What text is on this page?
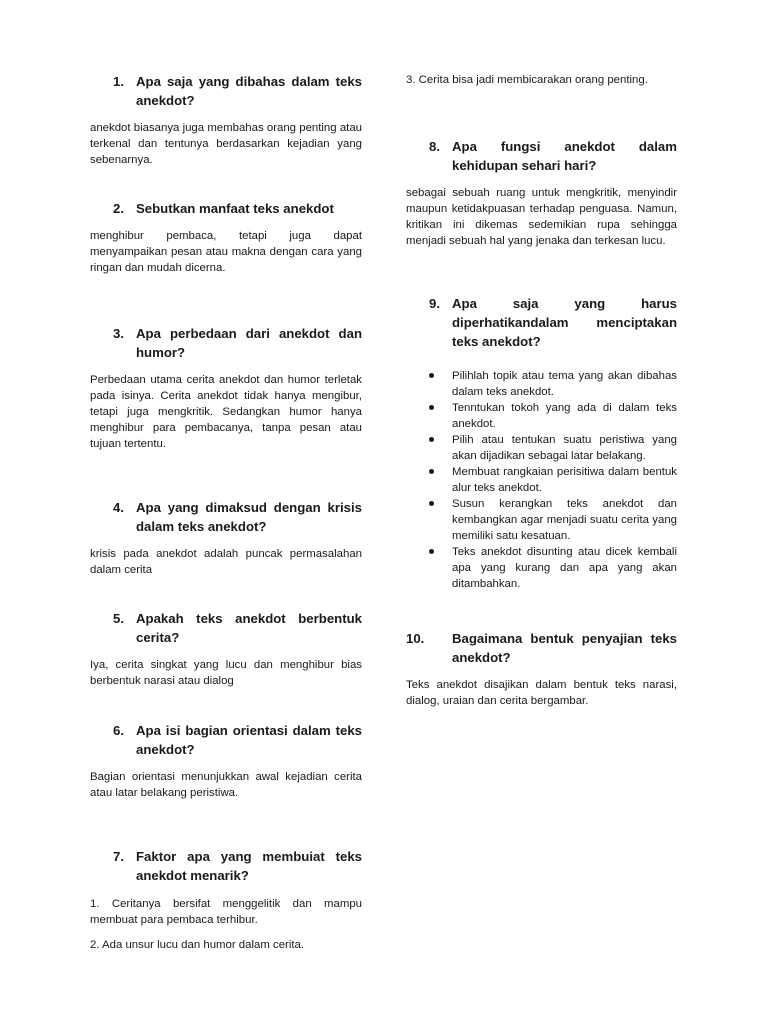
1. Apa saja yang dibahas dalam teks anekdot?

anekdot biasanya juga membahas orang penting atau terkenal dan tentunya berdasarkan kejadian yang sebenarnya.

2. Sebutkan manfaat teks anekdot

menghibur pembaca, tetapi juga dapat menyampaikan pesan atau makna dengan cara yang ringan dan mudah dicerna.

3. Apa perbedaan dari anekdot dan humor?

Perbedaan utama cerita anekdot dan humor terletak pada isinya. Cerita anekdot tidak hanya mengibur, tetapi juga mengkritik. Sedangkan humor hanya menghibur para pembacanya, tanpa pesan atau tujuan tertentu.

4. Apa yang dimaksud dengan krisis dalam teks anekdot?

krisis pada anekdot adalah puncak permasalahan dalam cerita

5. Apakah teks anekdot berbentuk cerita?

Iya, cerita singkat yang lucu dan menghibur bias berbentuk narasi atau dialog

6. Apa isi bagian orientasi dalam teks anekdot?

Bagian orientasi menunjukkan awal kejadian cerita atau latar belakang peristiwa.

7. Faktor apa yang membuiat teks anekdot menarik?

1. Ceritanya bersifat menggelitik dan mampu membuat para pembaca terhibur.

2. Ada unsur lucu dan humor dalam cerita.

3. Cerita bisa jadi membicarakan orang penting.

8. Apa fungsi anekdot dalam kehidupan sehari hari?

sebagai sebuah ruang untuk mengkritik, menyindir maupun ketidakpuasan terhadap penguasa. Namun, kritikan ini dikemas sedemikian rupa sehingga menjadi sebuah hal yang jenaka dan terkesan lucu.

9. Apa saja yang harus diperhatikandalam menciptakan teks anekdot?
Pilihlah topik atau tema yang akan dibahas dalam teks anekdot.
Tenntukan tokoh yang ada di dalam teks anekdot.
Pilih atau tentukan suatu peristiwa yang akan dijadikan sebagai latar belakang.
Membuat rangkaian perisitiwa dalam bentuk alur teks anekdot.
Susun kerangkan teks anekdot dan kembangkan agar menjadi suatu cerita yang memiliki satu kesatuan.
Teks anekdot disunting atau dicek kembali apa yang kurang dan apa yang akan ditambahkan.
10.	Bagaimana bentuk penyajian teks anekdot?

Teks anekdot disajikan dalam bentuk teks narasi, dialog, uraian dan cerita bergambar.
